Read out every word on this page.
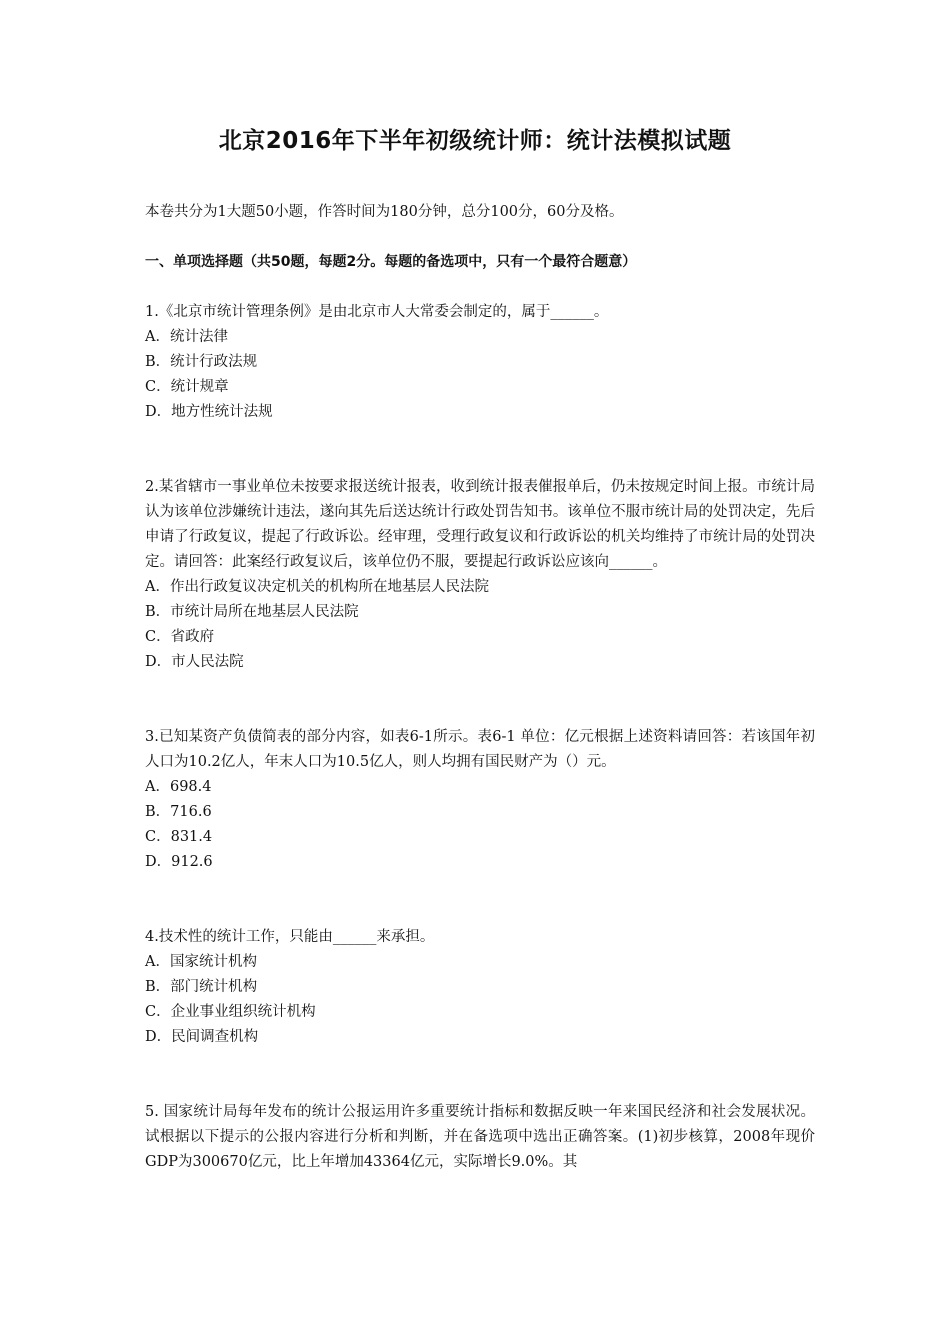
北京2016年下半年初级统计师：统计法模拟试题

本卷共分为1大题50小题，作答时间为180分钟，总分100分，60分及格。

一、单项选择题（共50题，每题2分。每题的备选项中，只有一个最符合题意）

1.《北京市统计管理条例》是由北京市人大常委会制定的，属于______。

A．统计法律

B．统计行政法规

C．统计规章

D．地方性统计法规

2.某省辖市一事业单位未按要求报送统计报表，收到统计报表催报单后，仍未按规定时间上报。市统计局认为该单位涉嫌统计违法，遂向其先后送达统计行政处罚告知书。该单位不服市统计局的处罚决定，先后申请了行政复议，提起了行政诉讼。经审理，受理行政复议和行政诉讼的机关均维持了市统计局的处罚决定。请回答：此案经行政复议后，该单位仍不服，要提起行政诉讼应该向______。

A．作出行政复议决定机关的机构所在地基层人民法院

B．市统计局所在地基层人民法院

C．省政府

D．市人民法院

3.已知某资产负债简表的部分内容，如表6-1所示。表6-1 单位：亿元根据上述资料请回答：若该国年初人口为10.2亿人，年末人口为10.5亿人，则人均拥有国民财产为（）元。

A．698.4

B．716.6

C．831.4

D．912.6

4.技术性的统计工作，只能由______来承担。

A．国家统计机构

B．部门统计机构

C．企业事业组织统计机构

D．民间调查机构

5. 国家统计局每年发布的统计公报运用许多重要统计指标和数据反映一年来国民经济和社会发展状况。试根据以下提示的公报内容进行分析和判断，并在备选项中选出正确答案。(1)初步核算，2008年现价GDP为300670亿元，比上年增加43364亿元，实际增长9.0%。其
